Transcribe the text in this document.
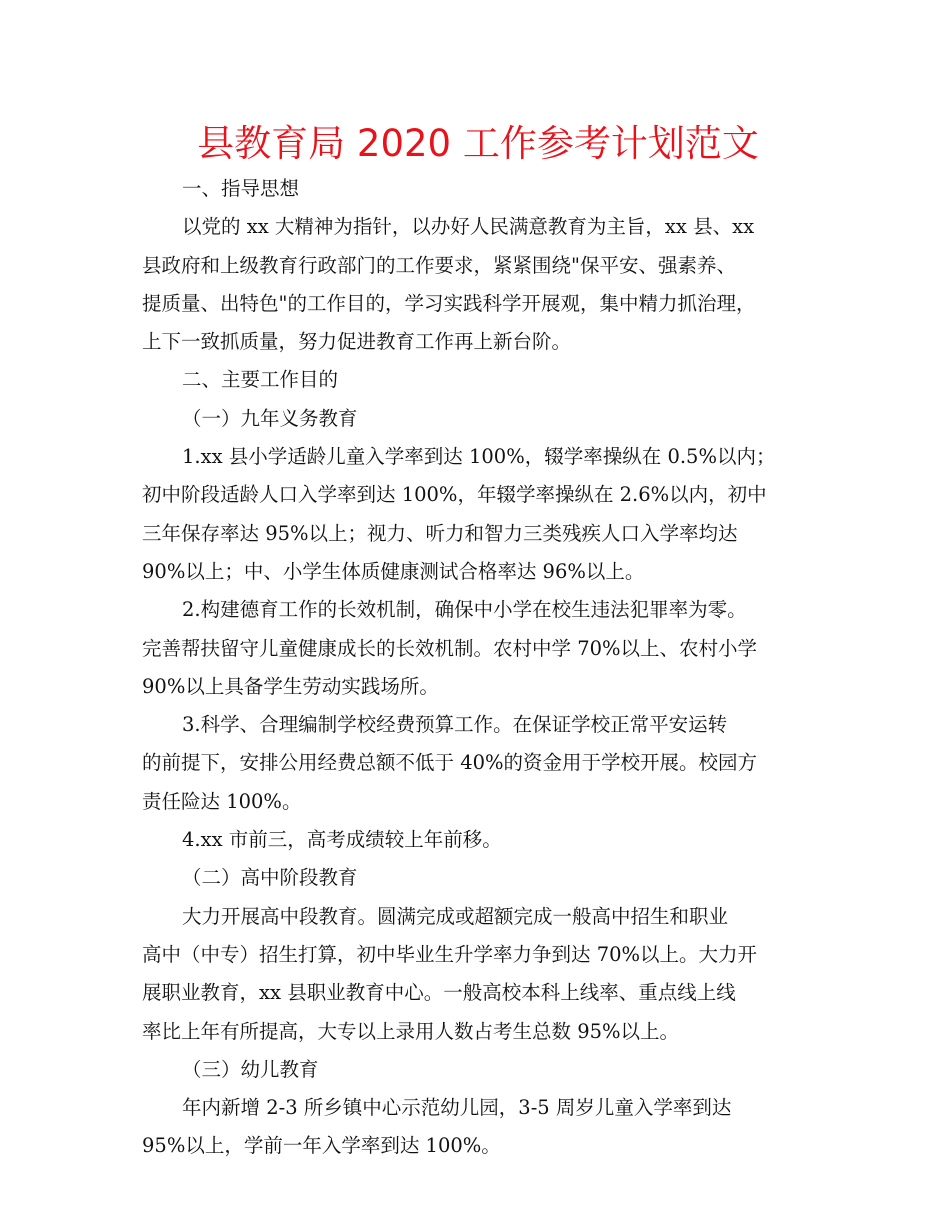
县教育局 2020 工作参考计划范文

一、指导思想

以党的 xx 大精神为指针，以办好人民满意教育为主旨，xx 县、xx

县政府和上级教育行政部门的工作要求，紧紧围绕"保平安、强素养、

提质量、出特色"的工作目的，学习实践科学开展观，集中精力抓治理，

上下一致抓质量，努力促进教育工作再上新台阶。

二、主要工作目的

（一）九年义务教育

1.xx 县小学适龄儿童入学率到达 100%，辍学率操纵在 0.5%以内；

初中阶段适龄人口入学率到达 100%，年辍学率操纵在 2.6%以内，初中

三年保存率达 95%以上；视力、听力和智力三类残疾人口入学率均达

90%以上；中、小学生体质健康测试合格率达 96%以上。

2.构建德育工作的长效机制，确保中小学在校生违法犯罪率为零。

完善帮扶留守儿童健康成长的长效机制。农村中学 70%以上、农村小学

90%以上具备学生劳动实践场所。

3.科学、合理编制学校经费预算工作。在保证学校正常平安运转

的前提下，安排公用经费总额不低于 40%的资金用于学校开展。校园方

责任险达 100%。

4.xx 市前三，高考成绩较上年前移。

（二）高中阶段教育

大力开展高中段教育。圆满完成或超额完成一般高中招生和职业

高中（中专）招生打算，初中毕业生升学率力争到达 70%以上。大力开

展职业教育，xx 县职业教育中心。一般高校本科上线率、重点线上线

率比上年有所提高，大专以上录用人数占考生总数 95%以上。

（三）幼儿教育

年内新增 2-3 所乡镇中心示范幼儿园，3-5 周岁儿童入学率到达

95%以上，学前一年入学率到达 100%。
